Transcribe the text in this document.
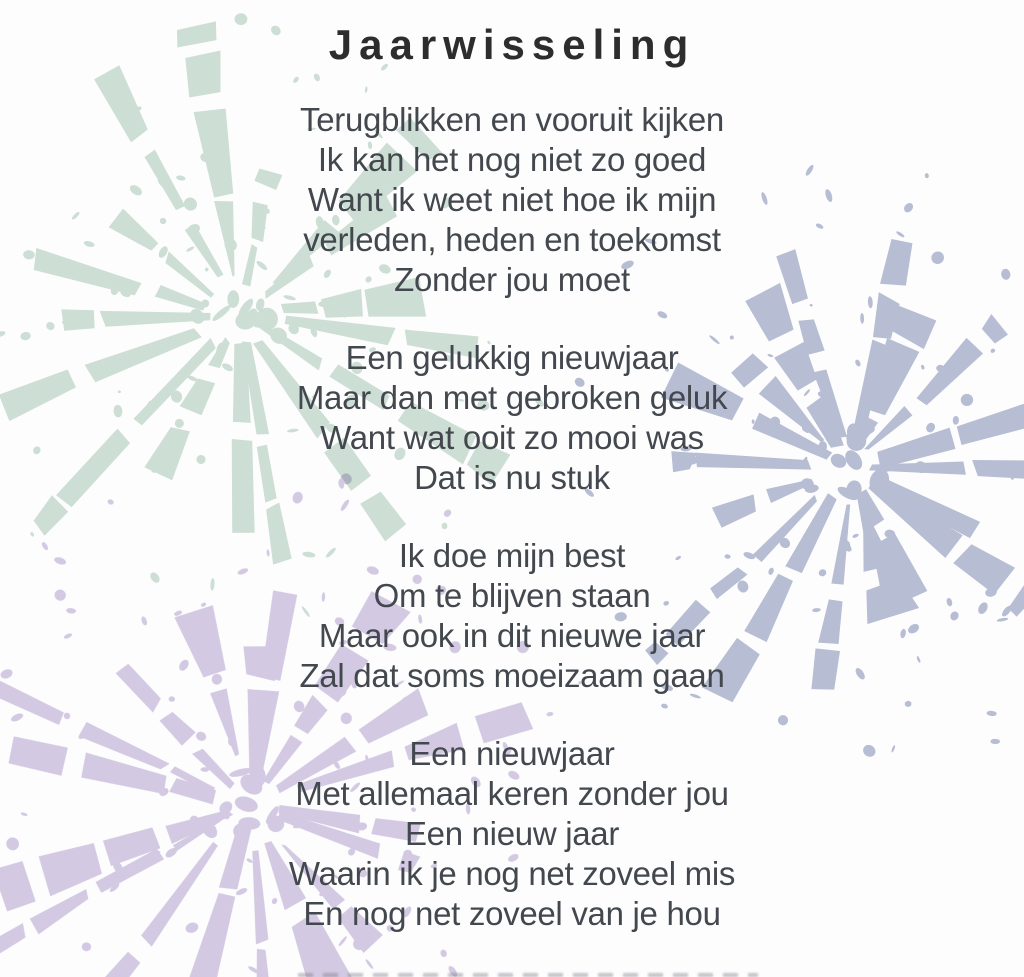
Jaarwisseling
Terugblikken en vooruit kijken
Ik kan het nog niet zo goed
Want ik weet niet hoe ik mijn
verleden, heden en toekomst
Zonder jou moet
Een gelukkig nieuwjaar
Maar dan met gebroken geluk
Want wat ooit zo mooi was
Dat is nu stuk
Ik doe mijn best
Om te blijven staan
Maar ook in dit nieuwe jaar
Zal dat soms moeizaam gaan
Een nieuwjaar
Met allemaal keren zonder jou
Een nieuw jaar
Waarin ik je nog net zoveel mis
En nog net zoveel van je hou
